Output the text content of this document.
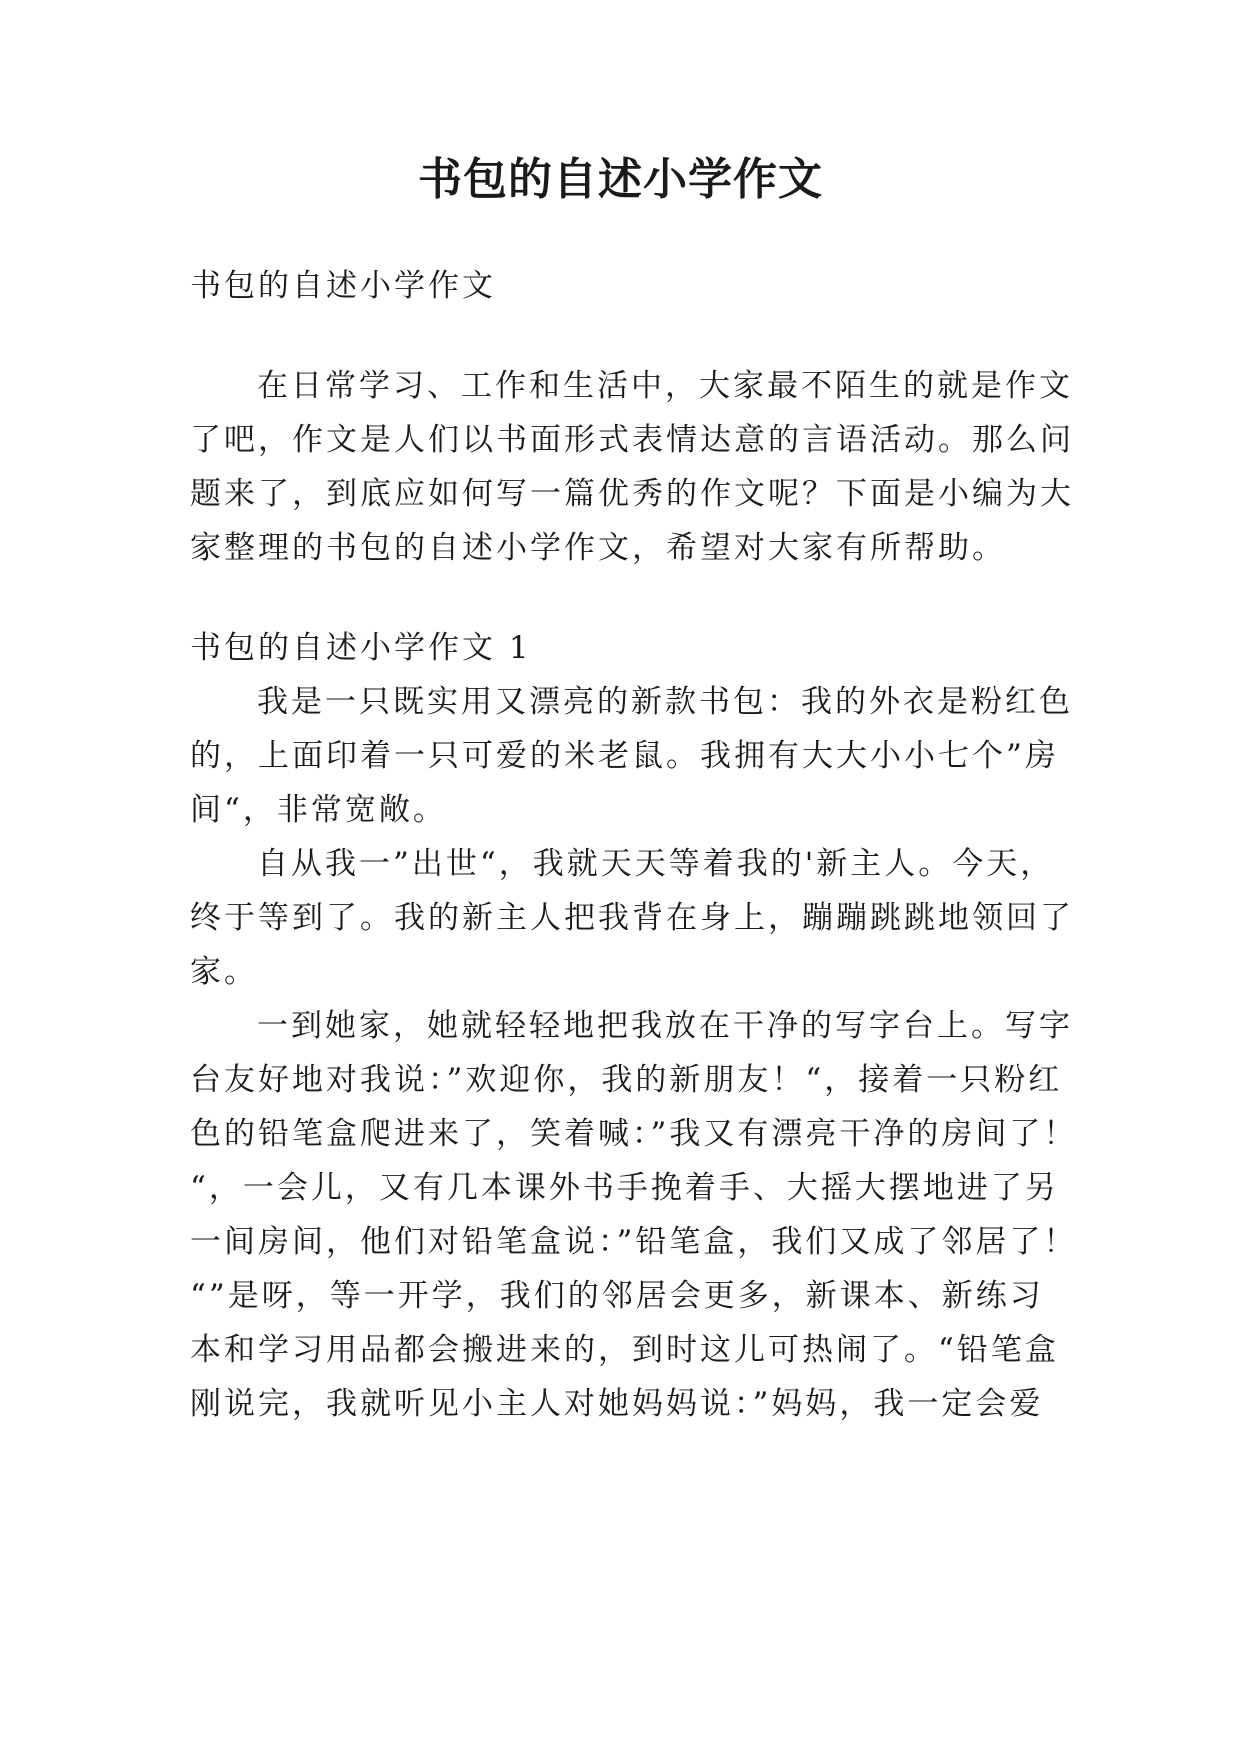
书包的自述小学作文
书包的自述小学作文
在日常学习、工作和生活中，大家最不陌生的就是作文
了吧，作文是人们以书面形式表情达意的言语活动。那么问
题来了，到底应如何写一篇优秀的作文呢？下面是小编为大
家整理的书包的自述小学作文，希望对大家有所帮助。
书包的自述小学作文 1
我是一只既实用又漂亮的新款书包：我的外衣是粉红色
的，上面印着一只可爱的米老鼠。我拥有大大小小七个”房
间“，非常宽敞。
自从我一”出世“，我就天天等着我的'新主人。今天，
终于等到了。我的新主人把我背在身上，蹦蹦跳跳地领回了
家。
一到她家，她就轻轻地把我放在干净的写字台上。写字
台友好地对我说：”欢迎你，我的新朋友！“，接着一只粉红
色的铅笔盒爬进来了，笑着喊：”我又有漂亮干净的房间了！
“，一会儿，又有几本课外书手挽着手、大摇大摆地进了另
一间房间，他们对铅笔盒说：”铅笔盒，我们又成了邻居了！
“”是呀，等一开学，我们的邻居会更多，新课本、新练习
本和学习用品都会搬进来的，到时这儿可热闹了。“铅笔盒
刚说完，我就听见小主人对她妈妈说：”妈妈，我一定会爱
